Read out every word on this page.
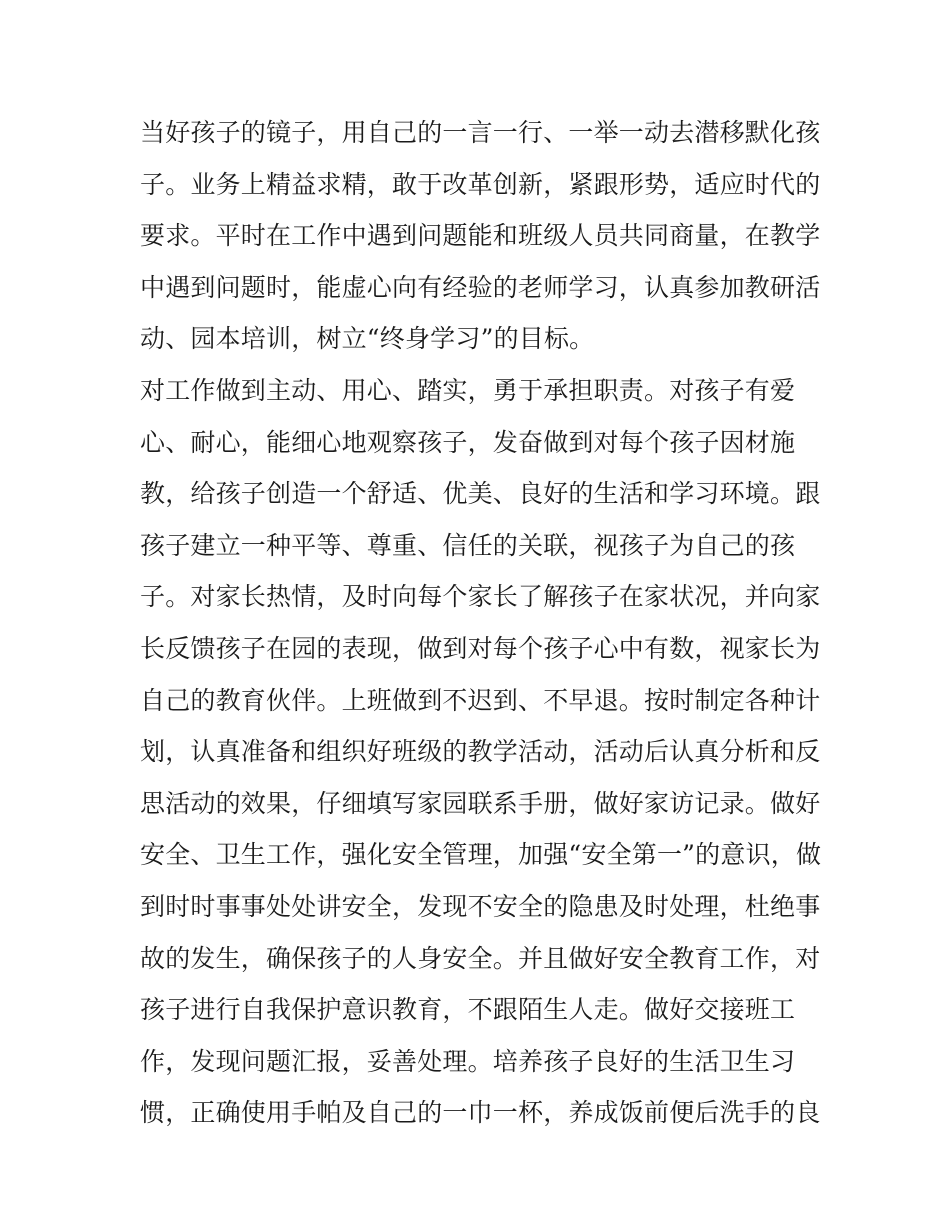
当好孩子的镜子，用自己的一言一行、一举一动去潜移默化孩
子。业务上精益求精，敢于改革创新，紧跟形势，适应时代的
要求。平时在工作中遇到问题能和班级人员共同商量，在教学
中遇到问题时，能虚心向有经验的老师学习，认真参加教研活
动、园本培训，树立“终身学习”的目标。
对工作做到主动、用心、踏实，勇于承担职责。对孩子有爱
心、耐心，能细心地观察孩子，发奋做到对每个孩子因材施
教，给孩子创造一个舒适、优美、良好的生活和学习环境。跟
孩子建立一种平等、尊重、信任的关联，视孩子为自己的孩
子。对家长热情，及时向每个家长了解孩子在家状况，并向家
长反馈孩子在园的表现，做到对每个孩子心中有数，视家长为
自己的教育伙伴。上班做到不迟到、不早退。按时制定各种计
划，认真准备和组织好班级的教学活动，活动后认真分析和反
思活动的效果，仔细填写家园联系手册，做好家访记录。做好
安全、卫生工作，强化安全管理，加强“安全第一”的意识，做
到时时事事处处讲安全，发现不安全的隐患及时处理，杜绝事
故的发生，确保孩子的人身安全。并且做好安全教育工作，对
孩子进行自我保护意识教育，不跟陌生人走。做好交接班工
作，发现问题汇报，妥善处理。培养孩子良好的生活卫生习
惯，正确使用手帕及自己的一巾一杯，养成饭前便后洗手的良
